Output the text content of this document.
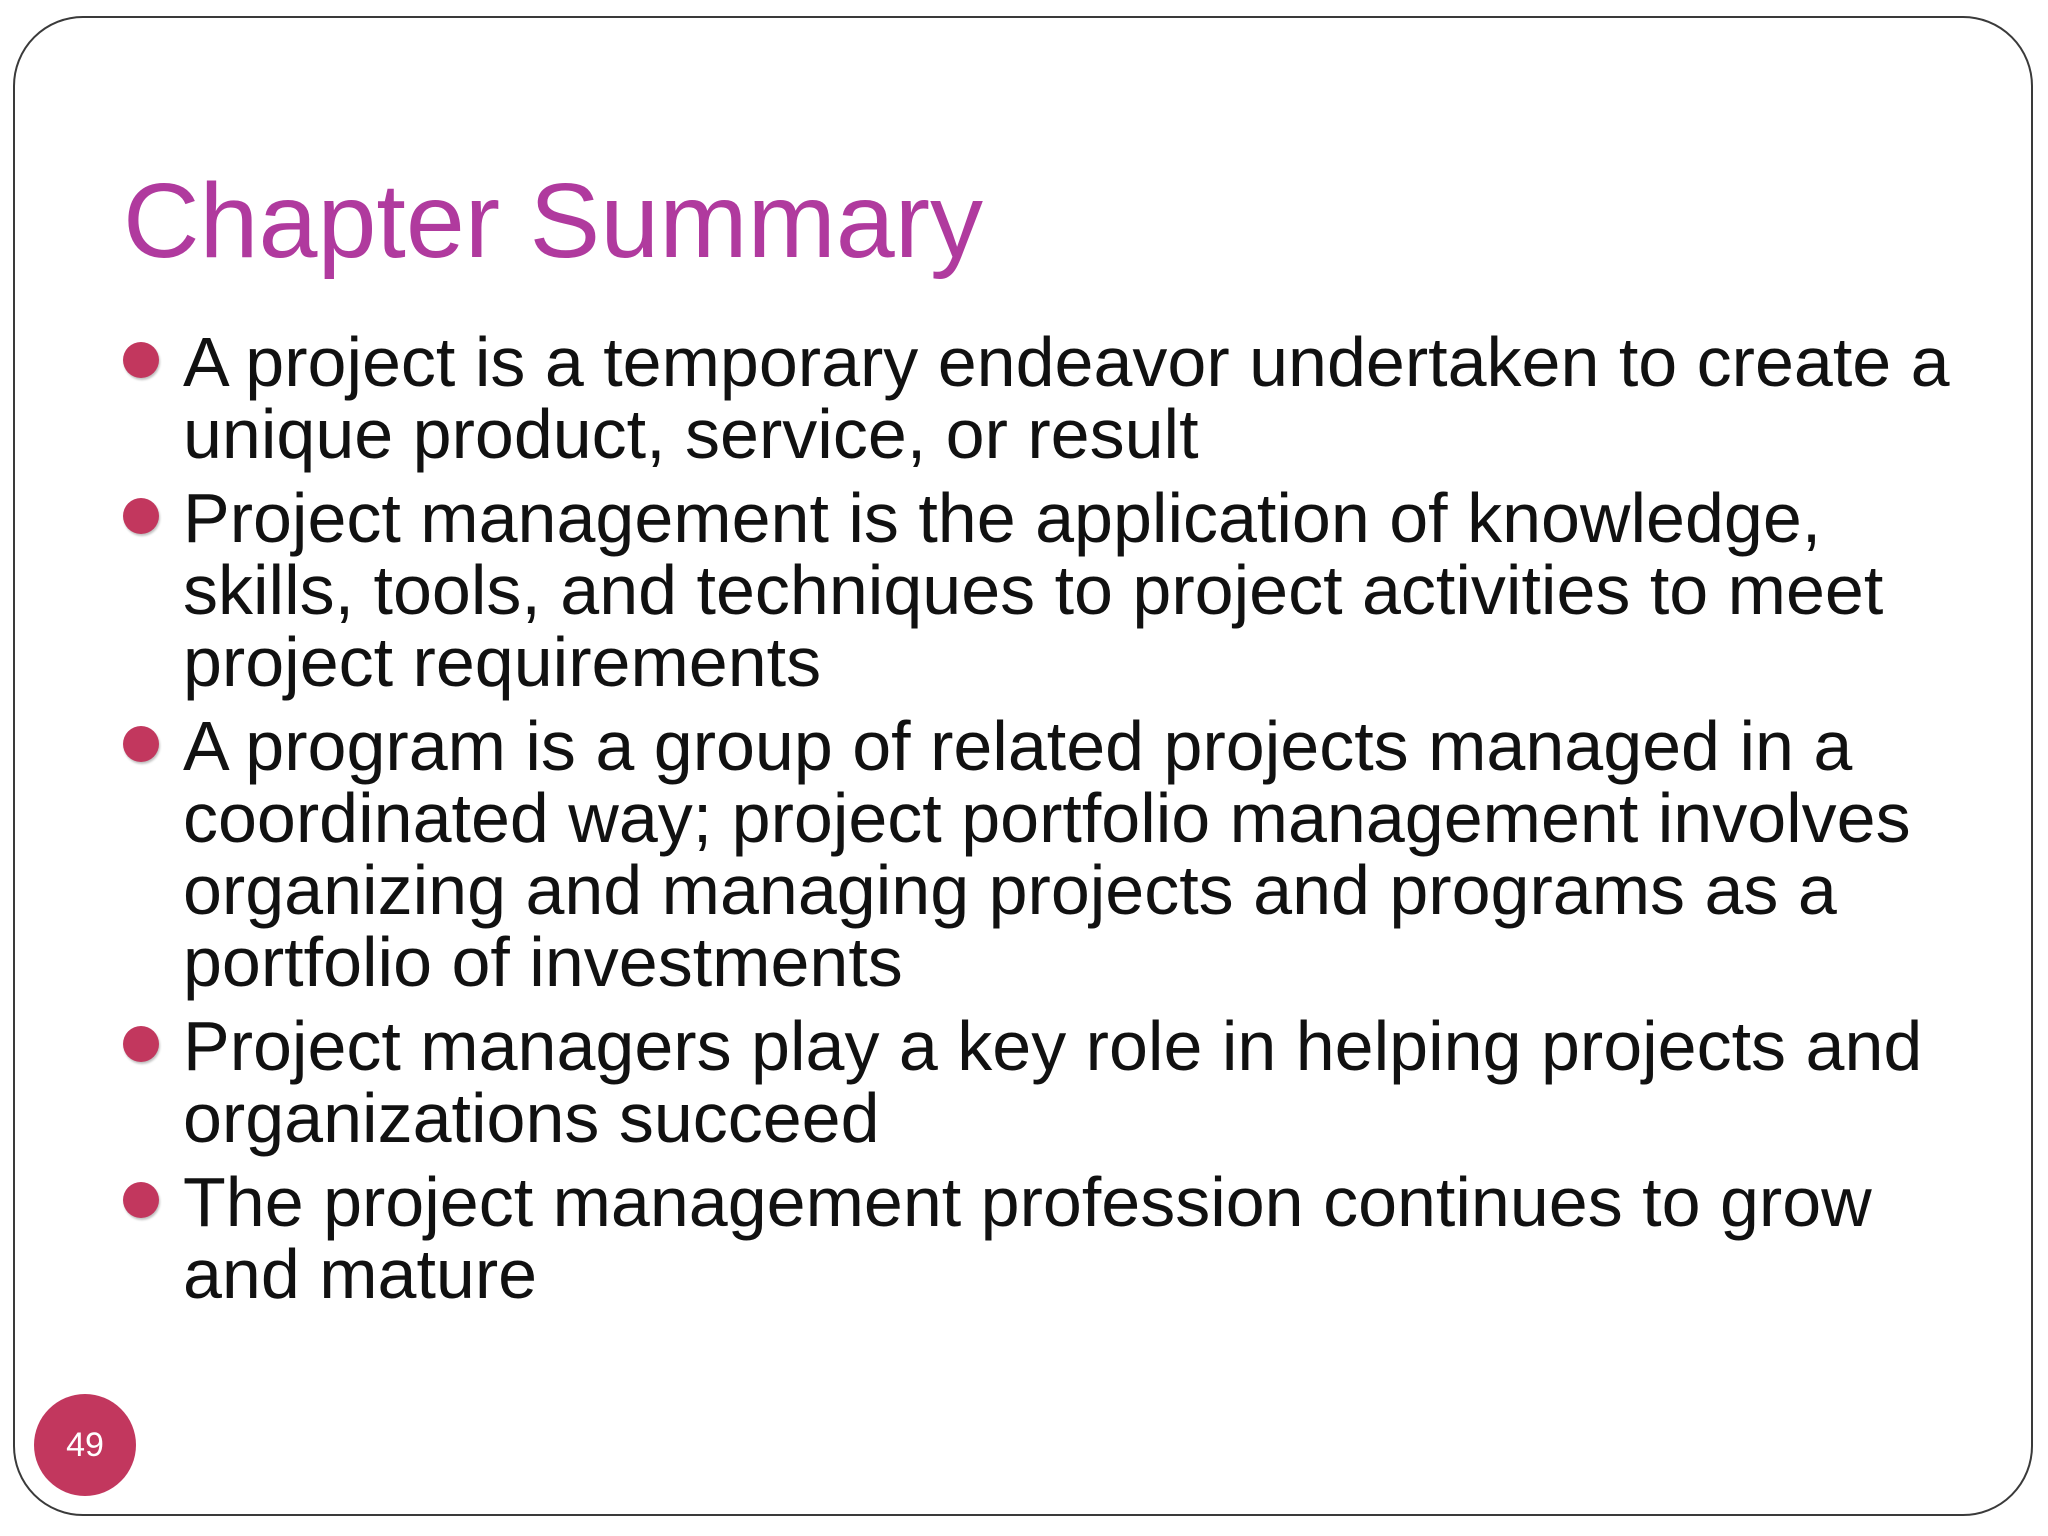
Chapter Summary
A project is a temporary endeavor undertaken to create a unique product, service, or result
Project management is the application of knowledge, skills, tools, and techniques to project activities to meet project requirements
A program is a group of related projects managed in a coordinated way; project portfolio management involves organizing and managing projects and programs as a portfolio of investments
Project managers play a key role in helping projects and organizations succeed
The project management profession continues to grow and mature
49
